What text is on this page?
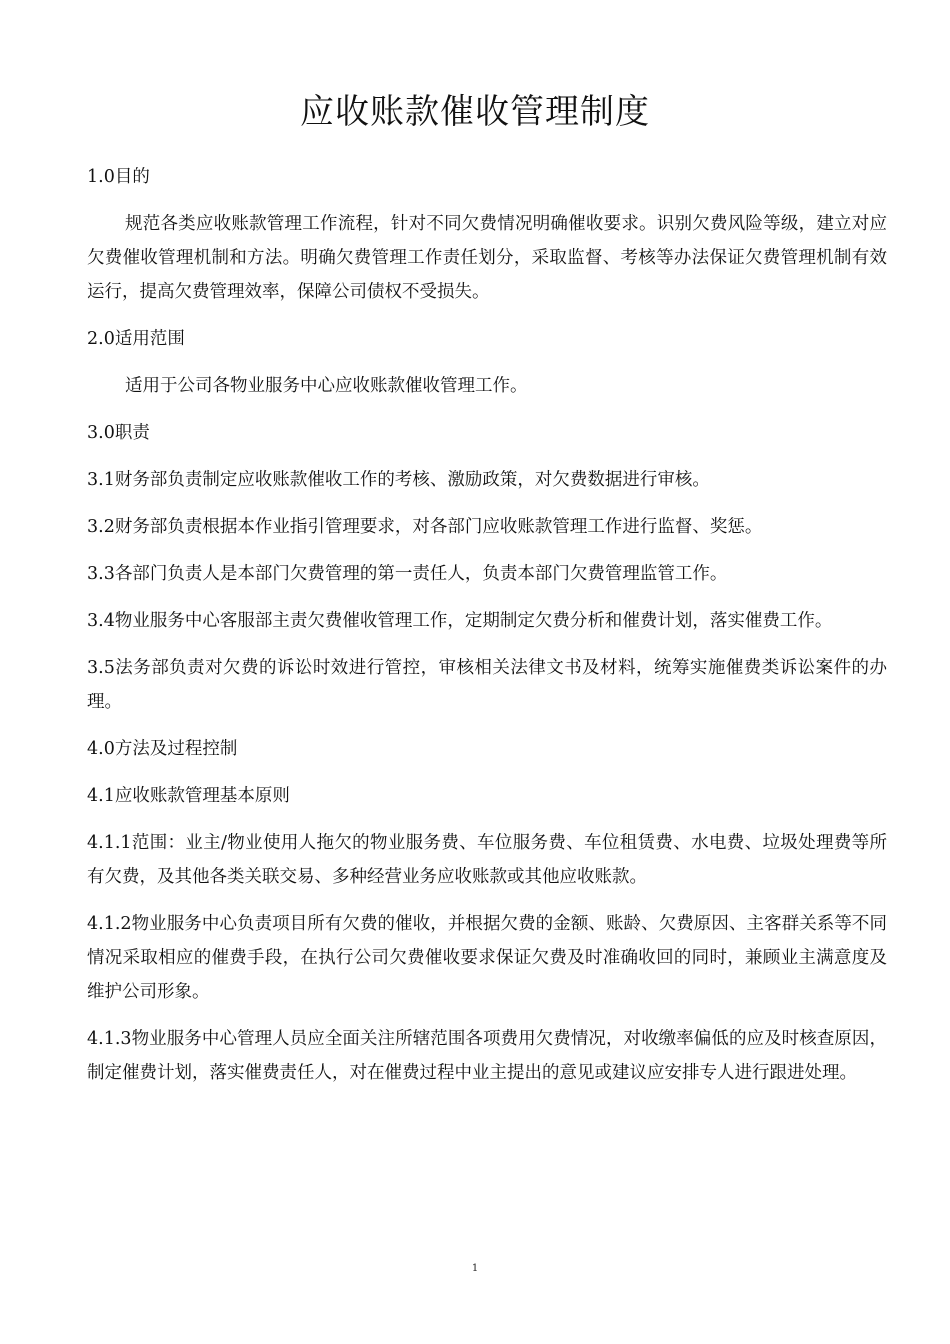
应收账款催收管理制度

1.0目的

规范各类应收账款管理工作流程，针对不同欠费情况明确催收要求。识别欠费风险等级，建立对应欠费催收管理机制和方法。明确欠费管理工作责任划分，采取监督、考核等办法保证欠费管理机制有效运行，提高欠费管理效率，保障公司债权不受损失。

2.0适用范围

适用于公司各物业服务中心应收账款催收管理工作。

3.0职责

3.1财务部负责制定应收账款催收工作的考核、激励政策，对欠费数据进行审核。

3.2财务部负责根据本作业指引管理要求，对各部门应收账款管理工作进行监督、奖惩。

3.3各部门负责人是本部门欠费管理的第一责任人，负责本部门欠费管理监管工作。

3.4物业服务中心客服部主责欠费催收管理工作，定期制定欠费分析和催费计划，落实催费工作。

3.5法务部负责对欠费的诉讼时效进行管控，审核相关法律文书及材料，统筹实施催费类诉讼案件的办理。

4.0方法及过程控制

4.1应收账款管理基本原则

4.1.1范围：业主/物业使用人拖欠的物业服务费、车位服务费、车位租赁费、水电费、垃圾处理费等所有欠费，及其他各类关联交易、多种经营业务应收账款或其他应收账款。

4.1.2物业服务中心负责项目所有欠费的催收，并根据欠费的金额、账龄、欠费原因、主客群关系等不同情况采取相应的催费手段，在执行公司欠费催收要求保证欠费及时准确收回的同时，兼顾业主满意度及维护公司形象。

4.1.3物业服务中心管理人员应全面关注所辖范围各项费用欠费情况，对收缴率偏低的应及时核查原因，制定催费计划，落实催费责任人，对在催费过程中业主提出的意见或建议应安排专人进行跟进处理。

1
